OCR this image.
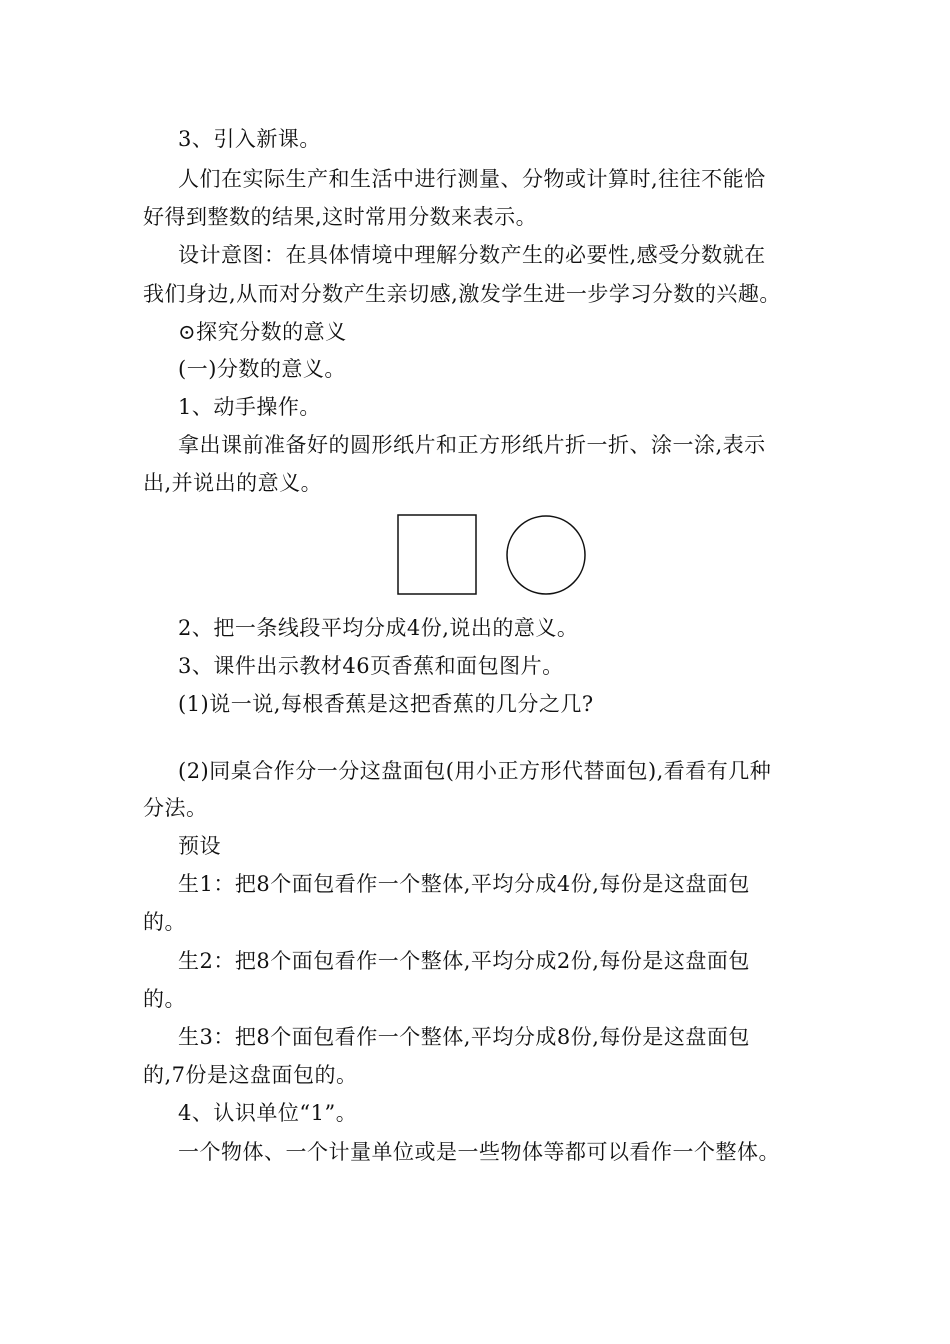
3、引入新课。
人们在实际生产和生活中进行测量、分物或计算时,往往不能恰
好得到整数的结果,这时常用分数来表示。
设计意图：在具体情境中理解分数产生的必要性,感受分数就在
我们身边,从而对分数产生亲切感,激发学生进一步学习分数的兴趣。
⊙探究分数的意义
(一)分数的意义。
1、动手操作。
拿出课前准备好的圆形纸片和正方形纸片折一折、涂一涂,表示
出,并说出的意义。
2、把一条线段平均分成4份,说出的意义。
3、课件出示教材46页香蕉和面包图片。
(1)说一说,每根香蕉是这把香蕉的几分之几?
(2)同桌合作分一分这盘面包(用小正方形代替面包),看看有几种
分法。
预设
生1：把8个面包看作一个整体,平均分成4份,每份是这盘面包
的。
生2：把8个面包看作一个整体,平均分成2份,每份是这盘面包
的。
生3：把8个面包看作一个整体,平均分成8份,每份是这盘面包
的,7份是这盘面包的。
4、认识单位“1”。
一个物体、一个计量单位或是一些物体等都可以看作一个整体。
